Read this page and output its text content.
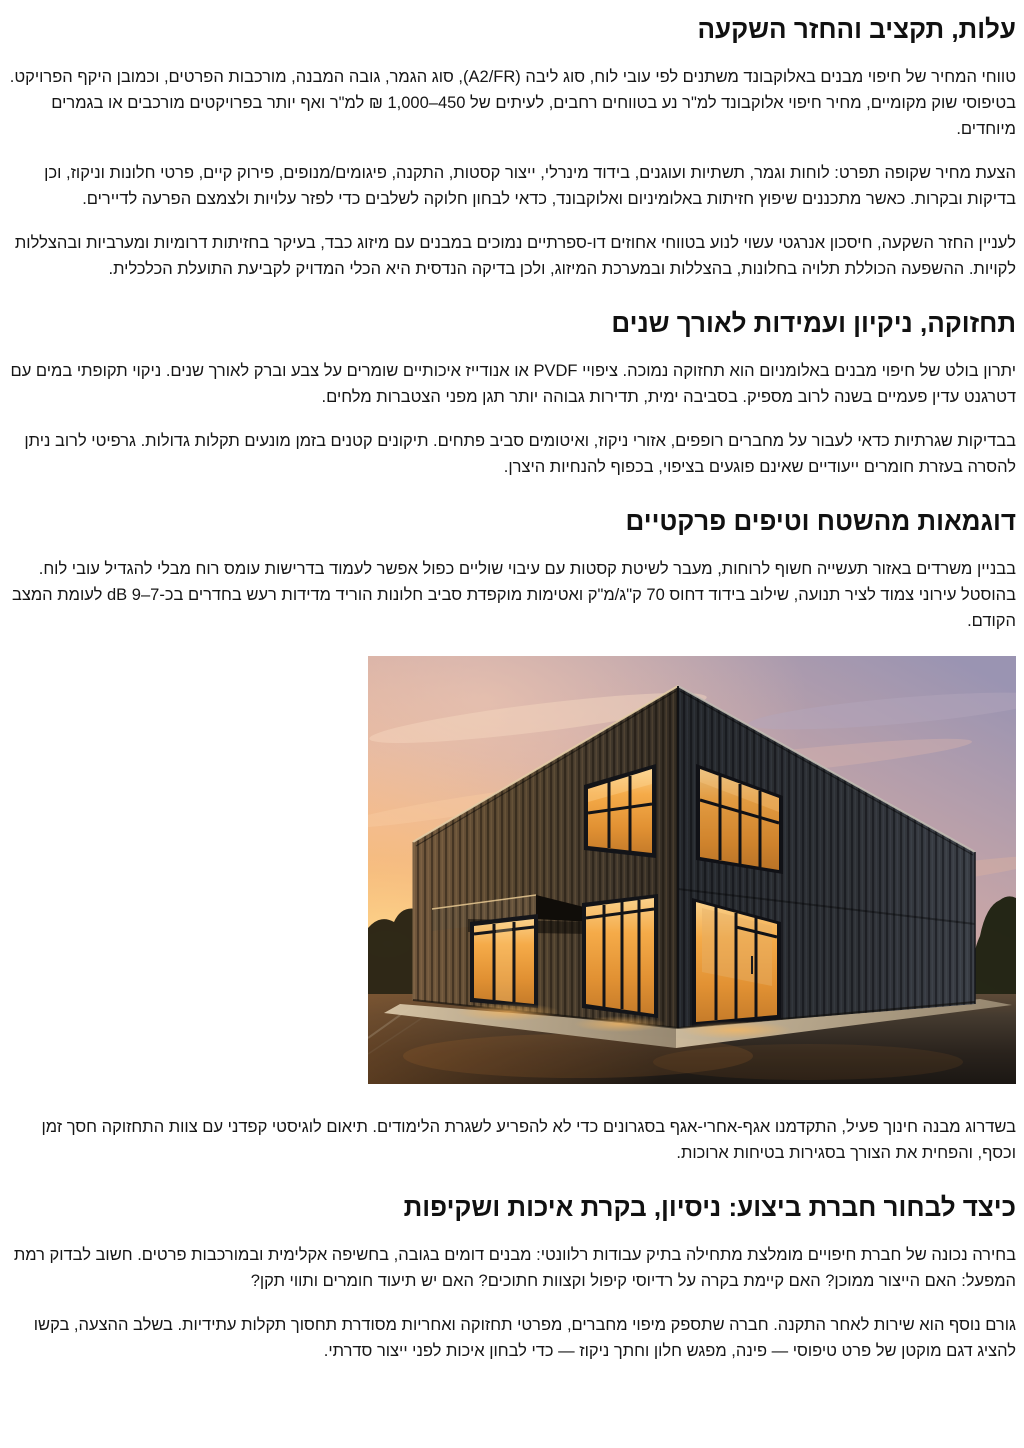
עלות, תקציב והחזר השקעה

טווחי המחיר של חיפוי מבנים באלוקבונד משתנים לפי עובי לוח, סוג ליבה (A2/FR), סוג הגמר, גובה המבנה, מורכבות הפרטים, וכמובן היקף הפרויקט. בטיפוסי שוק מקומיים, מחיר חיפוי אלוקבונד למ"ר נע בטווחים רחבים, לעיתים של 450–1,000 ₪ למ"ר ואף יותר בפרויקטים מורכבים או בגמרים מיוחדים.

הצעת מחיר שקופה תפרט: לוחות וגמר, תשתיות ועוגנים, בידוד מינרלי, ייצור קסטות, התקנה, פיגומים/מנופים, פירוק קיים, פרטי חלונות וניקוז, וכן בדיקות ובקרות. כאשר מתכננים שיפוץ חזיתות באלומיניום ואלוקבונד, כדאי לבחון חלוקה לשלבים כדי לפזר עלויות ולצמצם הפרעה לדיירים.

לעניין החזר השקעה, חיסכון אנרגטי עשוי לנוע בטווחי אחוזים דו-ספרתיים נמוכים במבנים עם מיזוג כבד, בעיקר בחזיתות דרומיות ומערביות ובהצללות לקויות. ההשפעה הכוללת תלויה בחלונות, בהצללות ובמערכת המיזוג, ולכן בדיקה הנדסית היא הכלי המדויק לקביעת התועלת הכלכלית.

תחזוקה, ניקיון ועמידות לאורך שנים

יתרון בולט של חיפוי מבנים באלומניום הוא תחזוקה נמוכה. ציפויי PVDF או אנודייז איכותיים שומרים על צבע וברק לאורך שנים. ניקוי תקופתי במים עם דטרגנט עדין פעמיים בשנה לרוב מספיק. בסביבה ימית, תדירות גבוהה יותר תגן מפני הצטברות מלחים.

בבדיקות שגרתיות כדאי לעבור על מחברים רופפים, אזורי ניקוז, ואיטומים סביב פתחים. תיקונים קטנים בזמן מונעים תקלות גדולות. גרפיטי לרוב ניתן להסרה בעזרת חומרים ייעודיים שאינם פוגעים בציפוי, בכפוף להנחיות היצרן.

דוגמאות מהשטח וטיפים פרקטיים

בבניין משרדים באזור תעשייה חשוף לרוחות, מעבר לשיטת קסטות עם עיבוי שוליים כפול אפשר לעמוד בדרישות עומס רוח מבלי להגדיל עובי לוח. בהוסטל עירוני צמוד לציר תנועה, שילוב בידוד דחוס 70 ק"ג/מ"ק ואטימות מוקפדת סביב חלונות הוריד מדידות רעש בחדרים בכ-7–9 dB לעומת המצב הקודם.

בשדרוג מבנה חינוך פעיל, התקדמנו אגף-אחרי-אגף בסגרונים כדי לא להפריע לשגרת הלימודים. תיאום לוגיסטי קפדני עם צוות התחזוקה חסך זמן וכסף, והפחית את הצורך בסגירות בטיחות ארוכות.

כיצד לבחור חברת ביצוע: ניסיון, בקרת איכות ושקיפות

בחירה נכונה של חברת חיפויים מומלצת מתחילה בתיק עבודות רלוונטי: מבנים דומים בגובה, בחשיפה אקלימית ובמורכבות פרטים. חשוב לבדוק רמת המפעל: האם הייצור ממוכן? האם קיימת בקרה על רדיוסי קיפול וקצוות חתוכים? האם יש תיעוד חומרים ותווי תקן?

גורם נוסף הוא שירות לאחר התקנה. חברה שתספק מיפוי מחברים, מפרטי תחזוקה ואחריות מסודרת תחסוך תקלות עתידיות. בשלב ההצעה, בקשו להציג דגם מוקטן של פרט טיפוסי — פינה, מפגש חלון וחתך ניקוז — כדי לבחון איכות לפני ייצור סדרתי.
